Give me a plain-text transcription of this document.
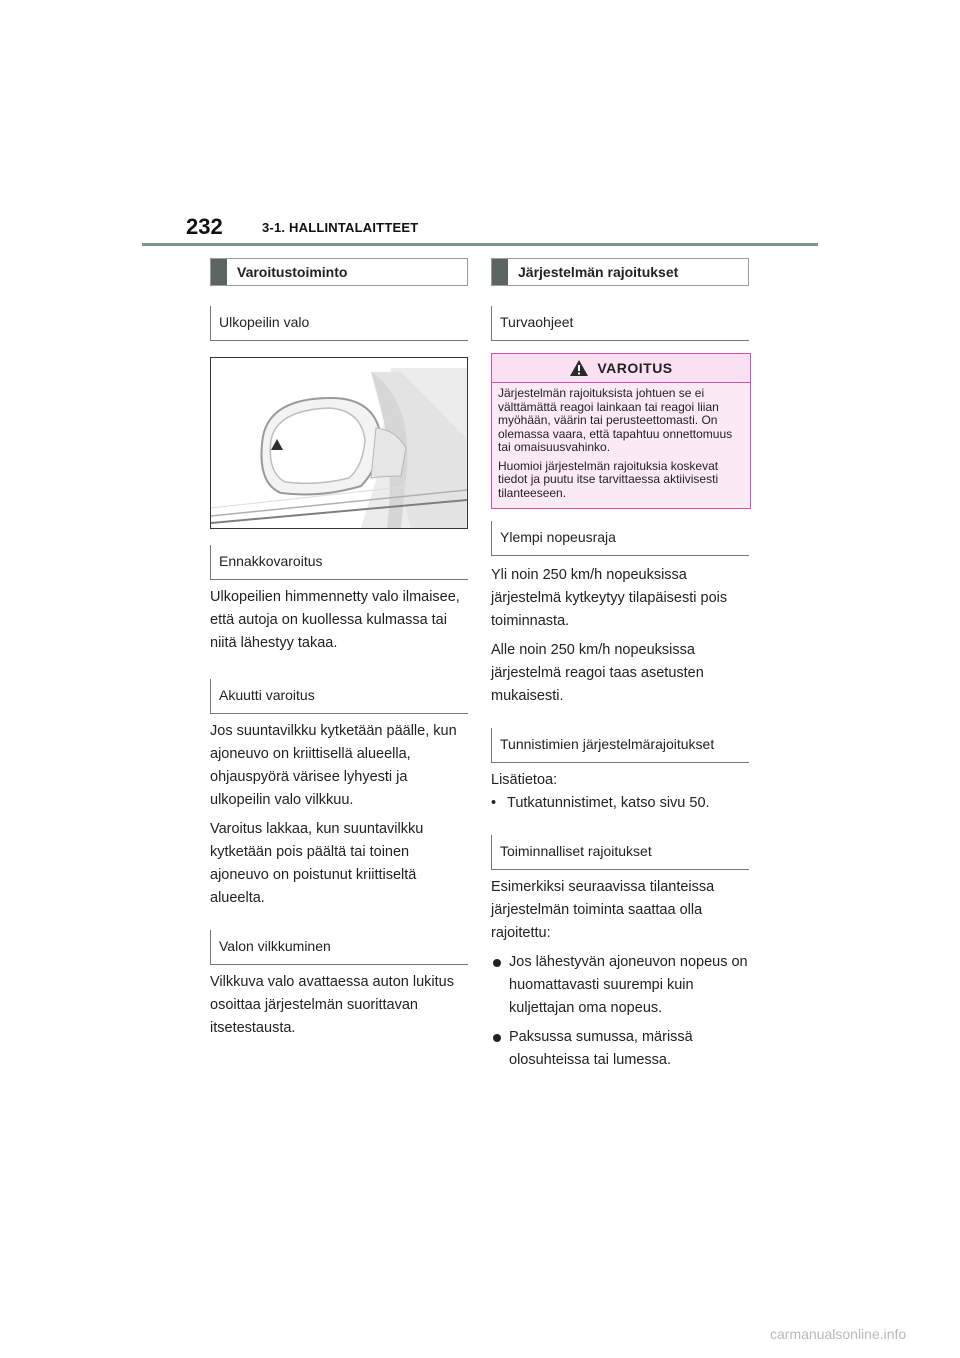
232	3-1. HALLINTALAITTEET
Varoitustoiminto
Ulkopeilin valo
Ennakkovaroitus

Ulkopeilien himmennetty valo ilmaisee, että autoja on kuollessa kulmassa tai niitä lähestyy takaa.

Akuutti varoitus

Jos suuntavilkku kytketään päälle, kun ajoneuvo on kriittisellä alueella, ohjauspyörä värisee lyhyesti ja ulkopeilin valo vilkkuu.

Varoitus lakkaa, kun suuntavilkku kytketään pois päältä tai toinen ajoneuvo on poistunut kriittiseltä alueelta.

Valon vilkkuminen

Vilkkuva valo avattaessa auton lukitus osoittaa järjestelmän suorittavan itsetestausta.

Järjestelmän rajoitukset
Turvaohjeet
VAROITUS

Järjestelmän rajoituksista johtuen se ei välttämättä reagoi lainkaan tai reagoi liian myöhään, väärin tai perusteettomasti. On olemassa vaara, että tapahtuu onnettomuus tai omaisuusvahinko.

Huomioi järjestelmän rajoituksia koskevat tiedot ja puutu itse tarvittaessa aktiivisesti tilanteeseen.

Ylempi nopeusraja

Yli noin 250 km/h nopeuksissa järjestelmä kytkeytyy tilapäisesti pois toiminnasta.

Alle noin 250 km/h nopeuksissa järjestelmä reagoi taas asetusten mukaisesti.

Tunnistimien järjestelmärajoitukset

Lisätietoa:

• Tutkatunnistimet, katso sivu 50.
Toiminnalliset rajoitukset

Esimerkiksi seuraavissa tilanteissa järjestelmän toiminta saattaa olla rajoitettu:

Jos lähestyvän ajoneuvon nopeus on huomattavasti suurempi kuin kuljettajan oma nopeus.
Paksussa sumussa, märissä olosuhteissa tai lumessa.
carmanualsonline.info
